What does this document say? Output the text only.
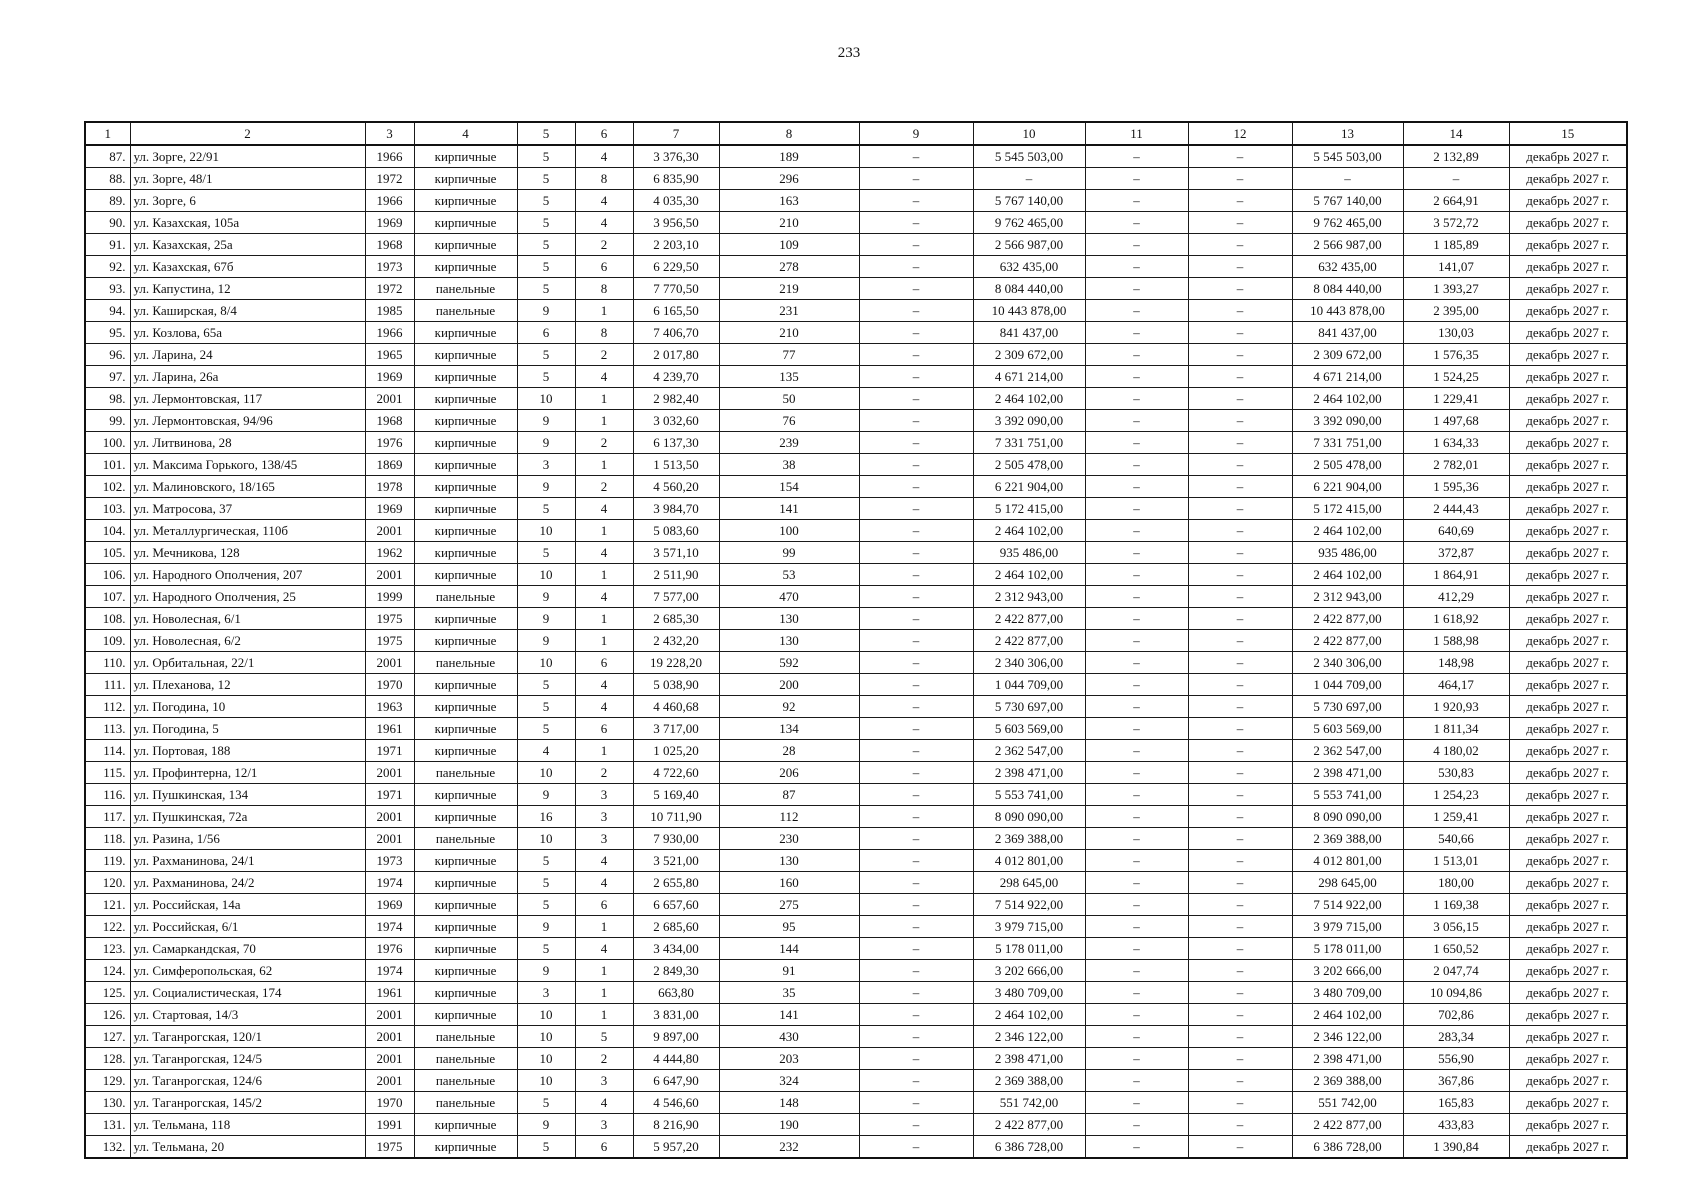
233
1	2	3	4	5	6	7	8	9	10	11	12	13	14	15
87.	ул. Зорге, 22/91	1966	кирпичные	5	4	3 376,30	189	–	5 545 503,00	–	–	5 545 503,00	2 132,89	декабрь 2027 г.
88.	ул. Зорге, 48/1	1972	кирпичные	5	8	6 835,90	296	–	–	–	–	–	–	декабрь 2027 г.
89.	ул. Зорге, 6	1966	кирпичные	5	4	4 035,30	163	–	5 767 140,00	–	–	5 767 140,00	2 664,91	декабрь 2027 г.
90.	ул. Казахская, 105а	1969	кирпичные	5	4	3 956,50	210	–	9 762 465,00	–	–	9 762 465,00	3 572,72	декабрь 2027 г.
91.	ул. Казахская, 25а	1968	кирпичные	5	2	2 203,10	109	–	2 566 987,00	–	–	2 566 987,00	1 185,89	декабрь 2027 г.
92.	ул. Казахская, 67б	1973	кирпичные	5	6	6 229,50	278	–	632 435,00	–	–	632 435,00	141,07	декабрь 2027 г.
93.	ул. Капустина, 12	1972	панельные	5	8	7 770,50	219	–	8 084 440,00	–	–	8 084 440,00	1 393,27	декабрь 2027 г.
94.	ул. Каширская, 8/4	1985	панельные	9	1	6 165,50	231	–	10 443 878,00	–	–	10 443 878,00	2 395,00	декабрь 2027 г.
95.	ул. Козлова, 65а	1966	кирпичные	6	8	7 406,70	210	–	841 437,00	–	–	841 437,00	130,03	декабрь 2027 г.
96.	ул. Ларина, 24	1965	кирпичные	5	2	2 017,80	77	–	2 309 672,00	–	–	2 309 672,00	1 576,35	декабрь 2027 г.
97.	ул. Ларина, 26а	1969	кирпичные	5	4	4 239,70	135	–	4 671 214,00	–	–	4 671 214,00	1 524,25	декабрь 2027 г.
98.	ул. Лермонтовская, 117	2001	кирпичные	10	1	2 982,40	50	–	2 464 102,00	–	–	2 464 102,00	1 229,41	декабрь 2027 г.
99.	ул. Лермонтовская, 94/96	1968	кирпичные	9	1	3 032,60	76	–	3 392 090,00	–	–	3 392 090,00	1 497,68	декабрь 2027 г.
100.	ул. Литвинова, 28	1976	кирпичные	9	2	6 137,30	239	–	7 331 751,00	–	–	7 331 751,00	1 634,33	декабрь 2027 г.
101.	ул. Максима Горького, 138/45	1869	кирпичные	3	1	1 513,50	38	–	2 505 478,00	–	–	2 505 478,00	2 782,01	декабрь 2027 г.
102.	ул. Малиновского, 18/165	1978	кирпичные	9	2	4 560,20	154	–	6 221 904,00	–	–	6 221 904,00	1 595,36	декабрь 2027 г.
103.	ул. Матросова, 37	1969	кирпичные	5	4	3 984,70	141	–	5 172 415,00	–	–	5 172 415,00	2 444,43	декабрь 2027 г.
104.	ул. Металлургическая, 110б	2001	кирпичные	10	1	5 083,60	100	–	2 464 102,00	–	–	2 464 102,00	640,69	декабрь 2027 г.
105.	ул. Мечникова, 128	1962	кирпичные	5	4	3 571,10	99	–	935 486,00	–	–	935 486,00	372,87	декабрь 2027 г.
106.	ул. Народного Ополчения, 207	2001	кирпичные	10	1	2 511,90	53	–	2 464 102,00	–	–	2 464 102,00	1 864,91	декабрь 2027 г.
107.	ул. Народного Ополчения, 25	1999	панельные	9	4	7 577,00	470	–	2 312 943,00	–	–	2 312 943,00	412,29	декабрь 2027 г.
108.	ул. Новолесная, 6/1	1975	кирпичные	9	1	2 685,30	130	–	2 422 877,00	–	–	2 422 877,00	1 618,92	декабрь 2027 г.
109.	ул. Новолесная, 6/2	1975	кирпичные	9	1	2 432,20	130	–	2 422 877,00	–	–	2 422 877,00	1 588,98	декабрь 2027 г.
110.	ул. Орбитальная, 22/1	2001	панельные	10	6	19 228,20	592	–	2 340 306,00	–	–	2 340 306,00	148,98	декабрь 2027 г.
111.	ул. Плеханова, 12	1970	кирпичные	5	4	5 038,90	200	–	1 044 709,00	–	–	1 044 709,00	464,17	декабрь 2027 г.
112.	ул. Погодина, 10	1963	кирпичные	5	4	4 460,68	92	–	5 730 697,00	–	–	5 730 697,00	1 920,93	декабрь 2027 г.
113.	ул. Погодина, 5	1961	кирпичные	5	6	3 717,00	134	–	5 603 569,00	–	–	5 603 569,00	1 811,34	декабрь 2027 г.
114.	ул. Портовая, 188	1971	кирпичные	4	1	1 025,20	28	–	2 362 547,00	–	–	2 362 547,00	4 180,02	декабрь 2027 г.
115.	ул. Профинтерна, 12/1	2001	панельные	10	2	4 722,60	206	–	2 398 471,00	–	–	2 398 471,00	530,83	декабрь 2027 г.
116.	ул. Пушкинская, 134	1971	кирпичные	9	3	5 169,40	87	–	5 553 741,00	–	–	5 553 741,00	1 254,23	декабрь 2027 г.
117.	ул. Пушкинская, 72а	2001	кирпичные	16	3	10 711,90	112	–	8 090 090,00	–	–	8 090 090,00	1 259,41	декабрь 2027 г.
118.	ул. Разина, 1/56	2001	панельные	10	3	7 930,00	230	–	2 369 388,00	–	–	2 369 388,00	540,66	декабрь 2027 г.
119.	ул. Рахманинова, 24/1	1973	кирпичные	5	4	3 521,00	130	–	4 012 801,00	–	–	4 012 801,00	1 513,01	декабрь 2027 г.
120.	ул. Рахманинова, 24/2	1974	кирпичные	5	4	2 655,80	160	–	298 645,00	–	–	298 645,00	180,00	декабрь 2027 г.
121.	ул. Российская, 14а	1969	кирпичные	5	6	6 657,60	275	–	7 514 922,00	–	–	7 514 922,00	1 169,38	декабрь 2027 г.
122.	ул. Российская, 6/1	1974	кирпичные	9	1	2 685,60	95	–	3 979 715,00	–	–	3 979 715,00	3 056,15	декабрь 2027 г.
123.	ул. Самаркандская, 70	1976	кирпичные	5	4	3 434,00	144	–	5 178 011,00	–	–	5 178 011,00	1 650,52	декабрь 2027 г.
124.	ул. Симферопольская, 62	1974	кирпичные	9	1	2 849,30	91	–	3 202 666,00	–	–	3 202 666,00	2 047,74	декабрь 2027 г.
125.	ул. Социалистическая, 174	1961	кирпичные	3	1	663,80	35	–	3 480 709,00	–	–	3 480 709,00	10 094,86	декабрь 2027 г.
126.	ул. Стартовая, 14/3	2001	кирпичные	10	1	3 831,00	141	–	2 464 102,00	–	–	2 464 102,00	702,86	декабрь 2027 г.
127.	ул. Таганрогская, 120/1	2001	панельные	10	5	9 897,00	430	–	2 346 122,00	–	–	2 346 122,00	283,34	декабрь 2027 г.
128.	ул. Таганрогская, 124/5	2001	панельные	10	2	4 444,80	203	–	2 398 471,00	–	–	2 398 471,00	556,90	декабрь 2027 г.
129.	ул. Таганрогская, 124/6	2001	панельные	10	3	6 647,90	324	–	2 369 388,00	–	–	2 369 388,00	367,86	декабрь 2027 г.
130.	ул. Таганрогская, 145/2	1970	панельные	5	4	4 546,60	148	–	551 742,00	–	–	551 742,00	165,83	декабрь 2027 г.
131.	ул. Тельмана, 118	1991	кирпичные	9	3	8 216,90	190	–	2 422 877,00	–	–	2 422 877,00	433,83	декабрь 2027 г.
132.	ул. Тельмана, 20	1975	кирпичные	5	6	5 957,20	232	–	6 386 728,00	–	–	6 386 728,00	1 390,84	декабрь 2027 г.
